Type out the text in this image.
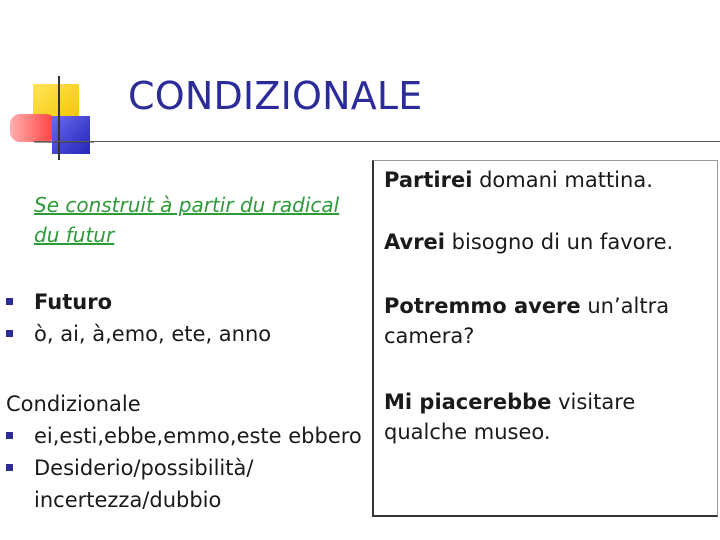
CONDIZIONALE
Se construit à partir du radical du futur
Futuro
ò, ai, à,emo, ete, anno
Condizionale
ei,esti,ebbe,emmo,este ebbero
Desiderio/possibilità/ incertezza/dubbio
Partirei domani mattina.
Avrei bisogno di un favore.
Potremmo avere un’altra camera?
Mi piacerebbe visitare qualche museo.
